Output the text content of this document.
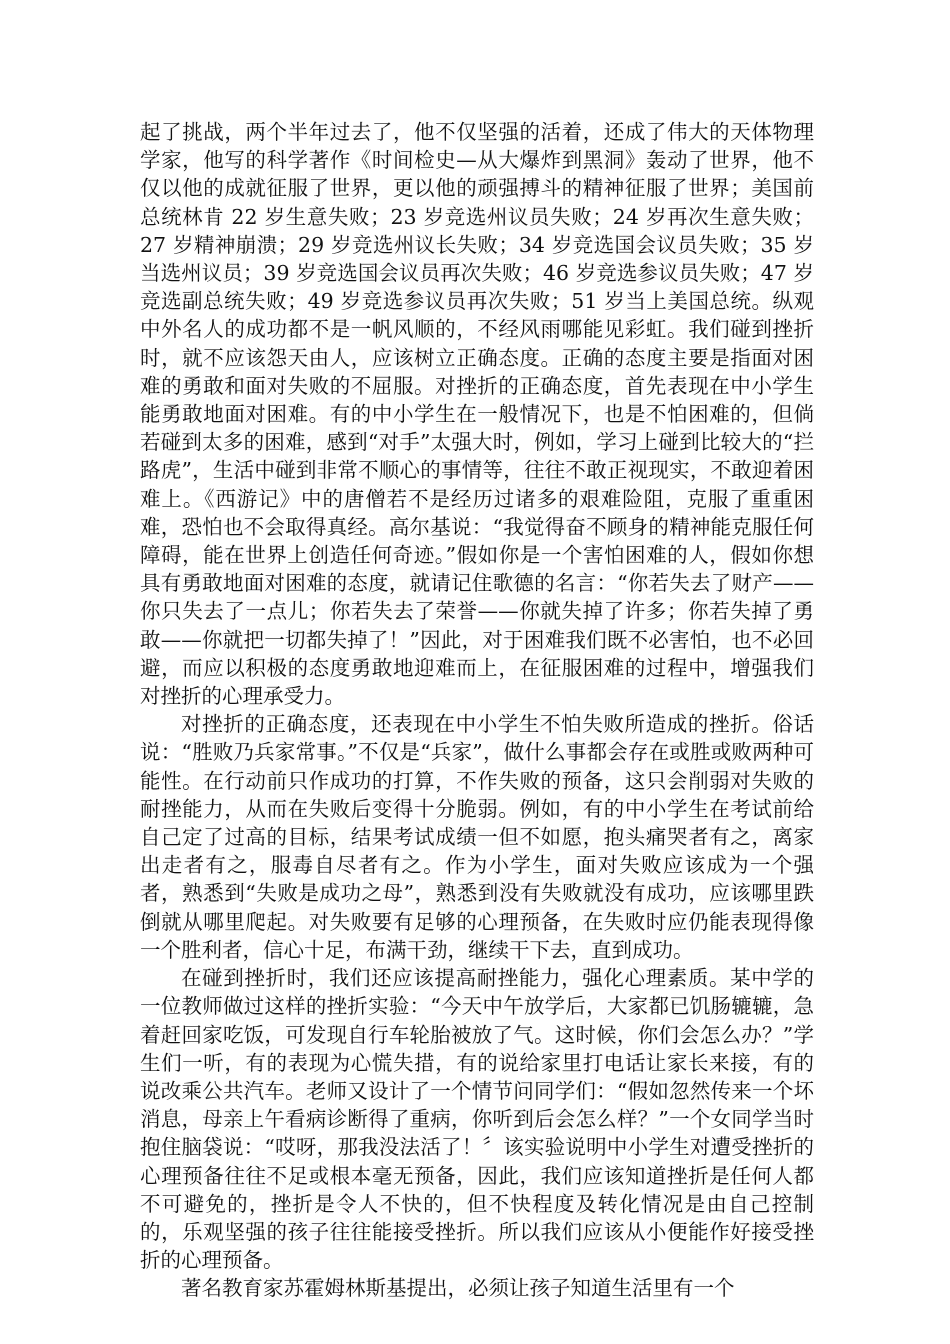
起了挑战，两个半年过去了，他不仅坚强的活着，还成了伟大的天体物理学家，他写的科学著作《时间检史—从大爆炸到黑洞》轰动了世界，他不仅以他的成就征服了世界，更以他的顽强搏斗的精神征服了世界；美国前总统林肯 22 岁生意失败；23 岁竞选州议员失败；24 岁再次生意失败；27 岁精神崩溃；29 岁竞选州议长失败；34 岁竞选国会议员失败；35 岁当选州议员；39 岁竞选国会议员再次失败；46 岁竞选参议员失败；47 岁竞选副总统失败；49 岁竞选参议员再次失败；51 岁当上美国总统。纵观中外名人的成功都不是一帆风顺的，不经风雨哪能见彩虹。我们碰到挫折时，就不应该怨天由人，应该树立正确态度。正确的态度主要是指面对困难的勇敢和面对失败的不屈服。对挫折的正确态度，首先表现在中小学生能勇敢地面对困难。有的中小学生在一般情况下，也是不怕困难的，但倘若碰到太多的困难，感到“对手”太强大时，例如，学习上碰到比较大的“拦路虎”，生活中碰到非常不顺心的事情等，往往不敢正视现实，不敢迎着困难上。《西游记》中的唐僧若不是经历过诸多的艰难险阻，克服了重重困难，恐怕也不会取得真经。高尔基说：“我觉得奋不顾身的精神能克服任何障碍，能在世界上创造任何奇迹。”假如你是一个害怕困难的人，假如你想具有勇敢地面对困难的态度，就请记住歌德的名言：“你若失去了财产——你只失去了一点儿；你若失去了荣誉——你就失掉了许多；你若失掉了勇敢——你就把一切都失掉了！”因此，对于困难我们既不必害怕，也不必回避，而应以积极的态度勇敢地迎难而上，在征服困难的过程中，增强我们对挫折的心理承受力。

对挫折的正确态度，还表现在中小学生不怕失败所造成的挫折。俗话说：“胜败乃兵家常事。”不仅是“兵家”，做什么事都会存在或胜或败两种可能性。在行动前只作成功的打算，不作失败的预备，这只会削弱对失败的耐挫能力，从而在失败后变得十分脆弱。例如，有的中小学生在考试前给自己定了过高的目标，结果考试成绩一但不如愿，抱头痛哭者有之，离家出走者有之，服毒自尽者有之。作为小学生，面对失败应该成为一个强者，熟悉到“失败是成功之母”，熟悉到没有失败就没有成功，应该哪里跌倒就从哪里爬起。对失败要有足够的心理预备，在失败时应仍能表现得像一个胜利者，信心十足，布满干劲，继续干下去，直到成功。

在碰到挫折时，我们还应该提高耐挫能力，强化心理素质。某中学的一位教师做过这样的挫折实验：“今天中午放学后，大家都已饥肠辘辘，急着赶回家吃饭，可发现自行车轮胎被放了气。这时候，你们会怎么办？”学生们一听，有的表现为心慌失措，有的说给家里打电话让家长来接，有的说改乘公共汽车。老师又设计了一个情节问同学们：“假如忽然传来一个坏消息，母亲上午看病诊断得了重病，你听到后会怎么样？”一个女同学当时抱住脑袋说：“哎呀，那我没法活了！〞该实验说明中小学生对遭受挫折的心理预备往往不足或根本毫无预备，因此，我们应该知道挫折是任何人都不可避免的，挫折是令人不快的，但不快程度及转化情况是由自己控制的，乐观坚强的孩子往往能接受挫折。所以我们应该从小便能作好接受挫折的心理预备。

著名教育家苏霍姆林斯基提出，必须让孩子知道生活里有一个
